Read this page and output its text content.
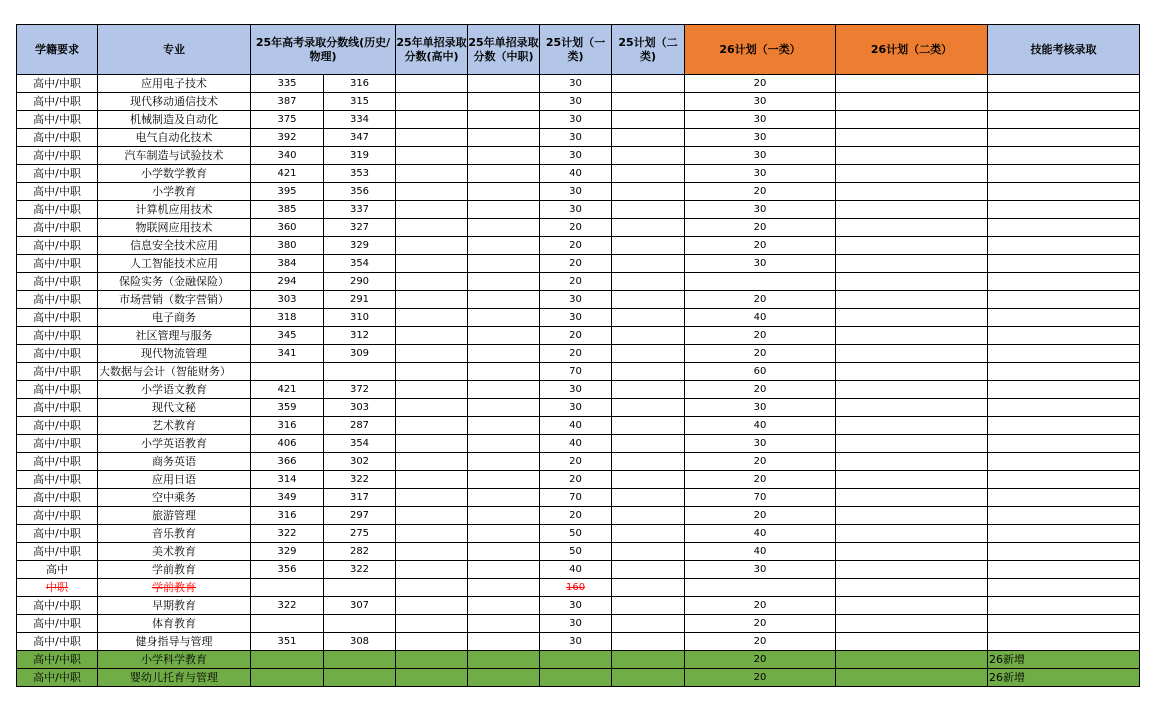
学籍要求	专业	25年高考录取分数线(历史/物理)		25年单招录取分数(高中)	25年单招录取分数（中职)	25计划（一类)	25计划（二类)	26计划（一类）	26计划（二类）	技能考核录取
高中/中职	应用电子技术	335	316			30		20		
高中/中职	现代移动通信技术	387	315			30		30		
高中/中职	机械制造及自动化	375	334			30		30		
高中/中职	电气自动化技术	392	347			30		30		
高中/中职	汽车制造与试验技术	340	319			30		30		
高中/中职	小学数学教育	421	353			40		30		
高中/中职	小学教育	395	356			30		20		
高中/中职	计算机应用技术	385	337			30		30		
高中/中职	物联网应用技术	360	327			20		20		
高中/中职	信息安全技术应用	380	329			20		20		
高中/中职	人工智能技术应用	384	354			20		30		
高中/中职	保险实务（金融保险）	294	290			20				
高中/中职	市场营销（数字营销）	303	291			30		20		
高中/中职	电子商务	318	310			30		40		
高中/中职	社区管理与服务	345	312			20		20		
高中/中职	现代物流管理	341	309			20		20		
高中/中职	大数据与会计（智能财务）					70		60		
高中/中职	小学语文教育	421	372			30		20		
高中/中职	现代文秘	359	303			30		30		
高中/中职	艺术教育	316	287			40		40		
高中/中职	小学英语教育	406	354			40		30		
高中/中职	商务英语	366	302			20		20		
高中/中职	应用日语	314	322			20		20		
高中/中职	空中乘务	349	317			70		70		
高中/中职	旅游管理	316	297			20		20		
高中/中职	音乐教育	322	275			50		40		
高中/中职	美术教育	329	282			50		40		
高中	学前教育	356	322			40		30		
中职	学前教育					160				
高中/中职	早期教育	322	307			30		20		
高中/中职	体育教育					30		20		
高中/中职	健身指导与管理	351	308			30		20		
高中/中职	小学科学教育							20		26新增
高中/中职	婴幼儿托育与管理							20		26新增
